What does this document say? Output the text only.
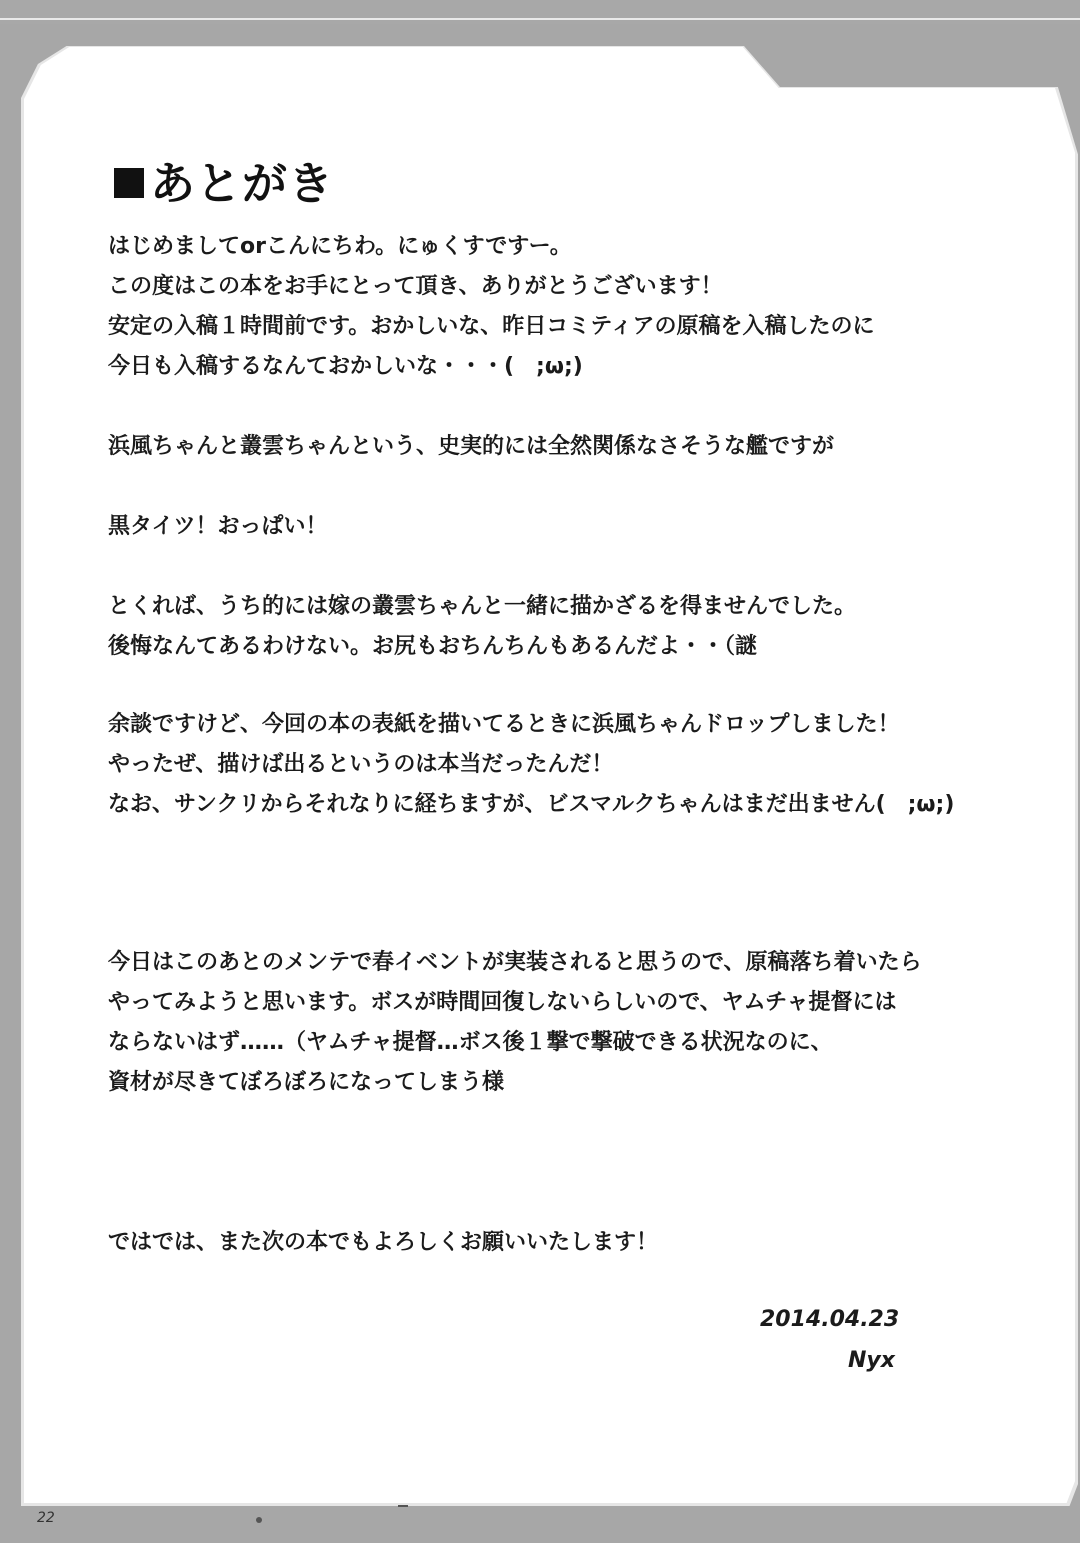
あとがき
はじめましてorこんにちわ。にゅくすですー。
この度はこの本をお手にとって頂き、ありがとうございます！
安定の入稿１時間前です。おかしいな、昨日コミティアの原稿を入稿したのに
今日も入稿するなんておかしいな・・・(　;ω;)
浜風ちゃんと叢雲ちゃんという、史実的には全然関係なさそうな艦ですが
黒タイツ！おっぱい！
とくれば、うち的には嫁の叢雲ちゃんと一緒に描かざるを得ませんでした。
後悔なんてあるわけない。お尻もおちんちんもあるんだよ・・（謎
余談ですけど、今回の本の表紙を描いてるときに浜風ちゃんドロップしました！
やったぜ、描けば出るというのは本当だったんだ！
なお、サンクリからそれなりに経ちますが、ビスマルクちゃんはまだ出ません(　;ω;)
今日はこのあとのメンテで春イベントが実装されると思うので、原稿落ち着いたら
やってみようと思います。ボスが時間回復しないらしいので、ヤムチャ提督には
ならないはず……（ヤムチャ提督…ボス後１撃で撃破できる状況なのに、
資材が尽きてぼろぼろになってしまう様
ではでは、また次の本でもよろしくお願いいたします！
2014.04.23
Nyx
22
